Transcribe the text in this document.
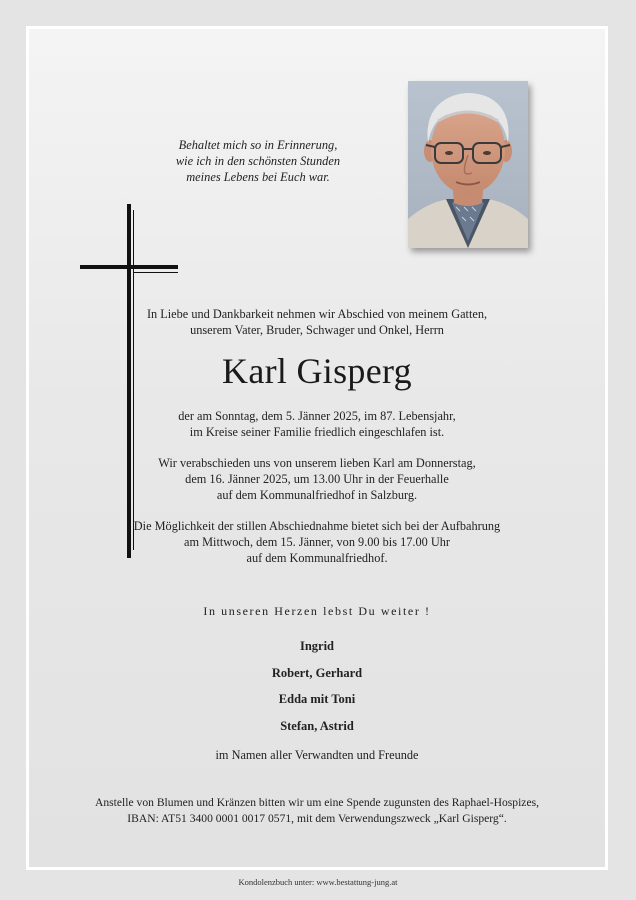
Behaltet mich so in Erinnerung,
wie ich in den schönsten Stunden
meines Lebens bei Euch war.
In Liebe und Dankbarkeit nehmen wir Abschied von meinem Gatten,
unserem Vater, Bruder, Schwager und Onkel, Herrn
Karl Gisperg
der am Sonntag, dem 5. Jänner 2025, im 87. Lebensjahr,
im Kreise seiner Familie friedlich eingeschlafen ist.
Wir verabschieden uns von unserem lieben Karl am Donnerstag,
dem 16. Jänner 2025, um 13.00 Uhr in der Feuerhalle
auf dem Kommunalfriedhof in Salzburg.
Die Möglichkeit der stillen Abschiednahme bietet sich bei der Aufbahrung
am Mittwoch, dem 15. Jänner, von 9.00 bis 17.00 Uhr
auf dem Kommunalfriedhof.
In unseren Herzen lebst Du weiter !
Ingrid
Robert, Gerhard
Edda mit Toni
Stefan, Astrid
im Namen aller Verwandten und Freunde
Anstelle von Blumen und Kränzen bitten wir um eine Spende zugunsten des Raphael-Hospizes,
IBAN: AT51 3400 0001 0017 0571, mit dem Verwendungszweck „Karl Gisperg“.
Kondolenzbuch unter: www.bestattung-jung.at
